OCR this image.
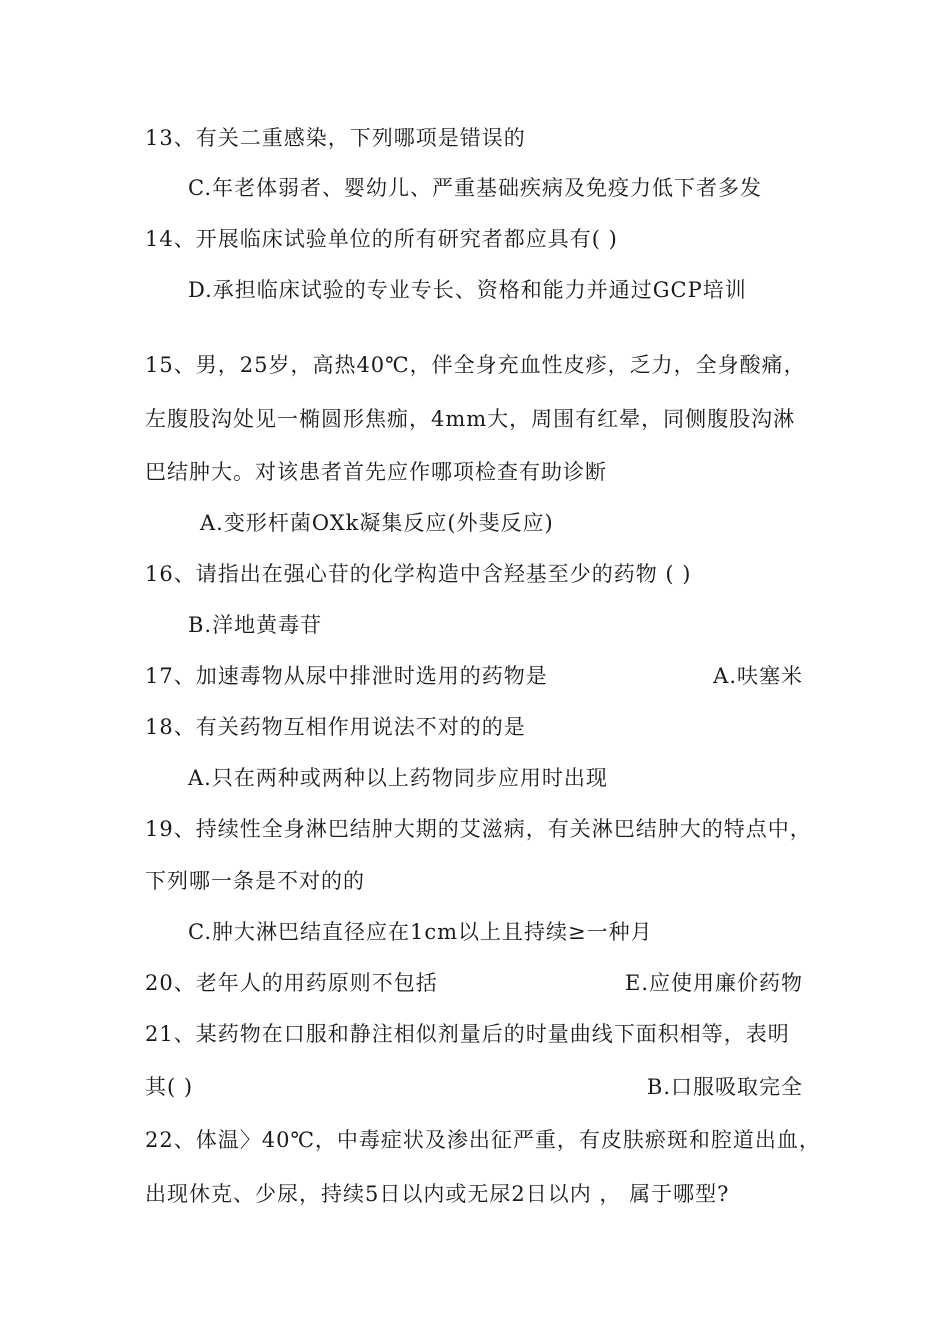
13、有关二重感染，下列哪项是错误的
C.年老体弱者、婴幼儿、严重基础疾病及免疫力低下者多发
14、开展临床试验单位的所有研究者都应具有( )
D.承担临床试验的专业专长、资格和能力并通过GCP培训
15、男，25岁，高热40℃，伴全身充血性皮疹，乏力，全身酸痛，
左腹股沟处见一椭圆形焦痂，4mm大，周围有红晕，同侧腹股沟淋
巴结肿大。对该患者首先应作哪项检查有助诊断
A.变形杆菌OXk凝集反应(外斐反应)
16、请指出在强心苷的化学构造中含羟基至少的药物 ( )
B.洋地黄毒苷
17、加速毒物从尿中排泄时选用的药物是	A.呋塞米
18、有关药物互相作用说法不对的的是
A.只在两种或两种以上药物同步应用时出现
19、持续性全身淋巴结肿大期的艾滋病，有关淋巴结肿大的特点中，
下列哪一条是不对的的
C.肿大淋巴结直径应在1cm以上且持续≥一种月
20、老年人的用药原则不包括	E.应使用廉价药物
21、某药物在口服和静注相似剂量后的时量曲线下面积相等，表明
其( )	B.口服吸取完全
22、体温〉40℃，中毒症状及渗出征严重，有皮肤瘀斑和腔道出血，
出现休克、少尿，持续5日以内或无尿2日以内 ， 属于哪型?
